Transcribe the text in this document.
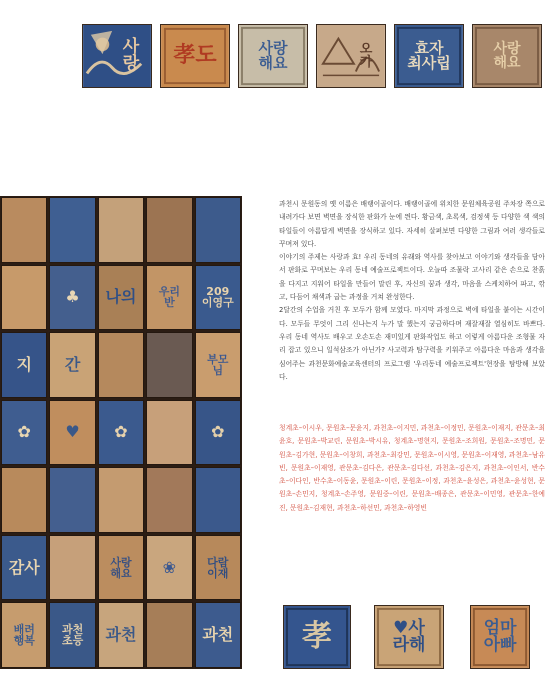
사
랑 孝도	사랑
해요
오
카
효자
최사립
사랑
해요
♣	나의	우리
반
209
이영구
지	간	부모
님
✿	♥	✿	✿
감사	사랑
해요	❀	다람
이재
배려
행복
과천
초등	과천	과천

과천시 문원동의 옛 이름은 배랭이골이다. 배랭이골에 위치한 문원체육공원 주차장 쪽으로 내려가다 보면 벽면을 장식한 판화가 눈에 띈다. 황금색, 초록색, 검정색 등 다양한 색 색의 타일들이 아름답게 벽면을 장식하고 있다. 자세히 살펴보면 다양한 그림과 여러 생각들로 꾸며져 있다.

이야기의 주제는 사랑과 효! 우리 동네의 유래와 역사를 찾아보고 이야기와 생각들을 담아서 판화로 꾸며보는 우리 동네 예술프로젝트이다. 오늘따 조물락 고사리 같은 손으로 찬흙을 다지고 지워어 타일을 만들어 말린 후, 자신의 꿈과 생각, 마음을 스케치하여 파고, 깎고, 다듬어 채색과 굽는 과정을 거쳐 완성한다.

2달간의 수업을 거친 후 모두가 함께 모였다. 마지막 과정으로 벽에 타일을 붙이는 시간이다. 모두들 무엇이 그리 신나는지 누가 말 했는지 궁금하다며 재잘재잘 열심히도 바쁘다. 우리 동네 역사도 배우고 오손도손 재미있게 판화작업도 하고 이렇게 아름다운 조형물 자리 잡고 있으니 일석삼조가 아닌가? 사고력과 탐구력을 키워주고 아름다운 마음과 생각을 심어주는 과천문화예술교육센터의 프로그램 '우리동네 예술프로젝트'현장을 탐방해 보았다.

청계초–이시우, 문원초–문윤지, 과천초–이지민, 과천초–이정민, 문원초–이재지, 관문초–최윤호, 문원초–박교린, 문원초–박시유, 청계초–명현지, 문원초–조희원, 문원초–조명민, 문원초–김가현, 문원초–이창희, 과천초–최강민, 문원초–이시영, 문원초–이재영, 과천초–남유빈, 문원초–이재영, 관문초–김다은, 관문초–김다선, 과천초–김은지, 과천초–이인서, 반수초–이다인, 반수초–이동윤, 문원초–이린, 문원초–이정, 과천초–윤성은, 과천초–윤성현, 문원초–손민지, 청계초–손주영, 문원중–이린, 문원초–배종은, 관문초–이민영, 관문초–한예진, 문원초–김재현, 과천초–하선민, 과천초–하영빈
孝	♥사
라해
엄마
아빠
